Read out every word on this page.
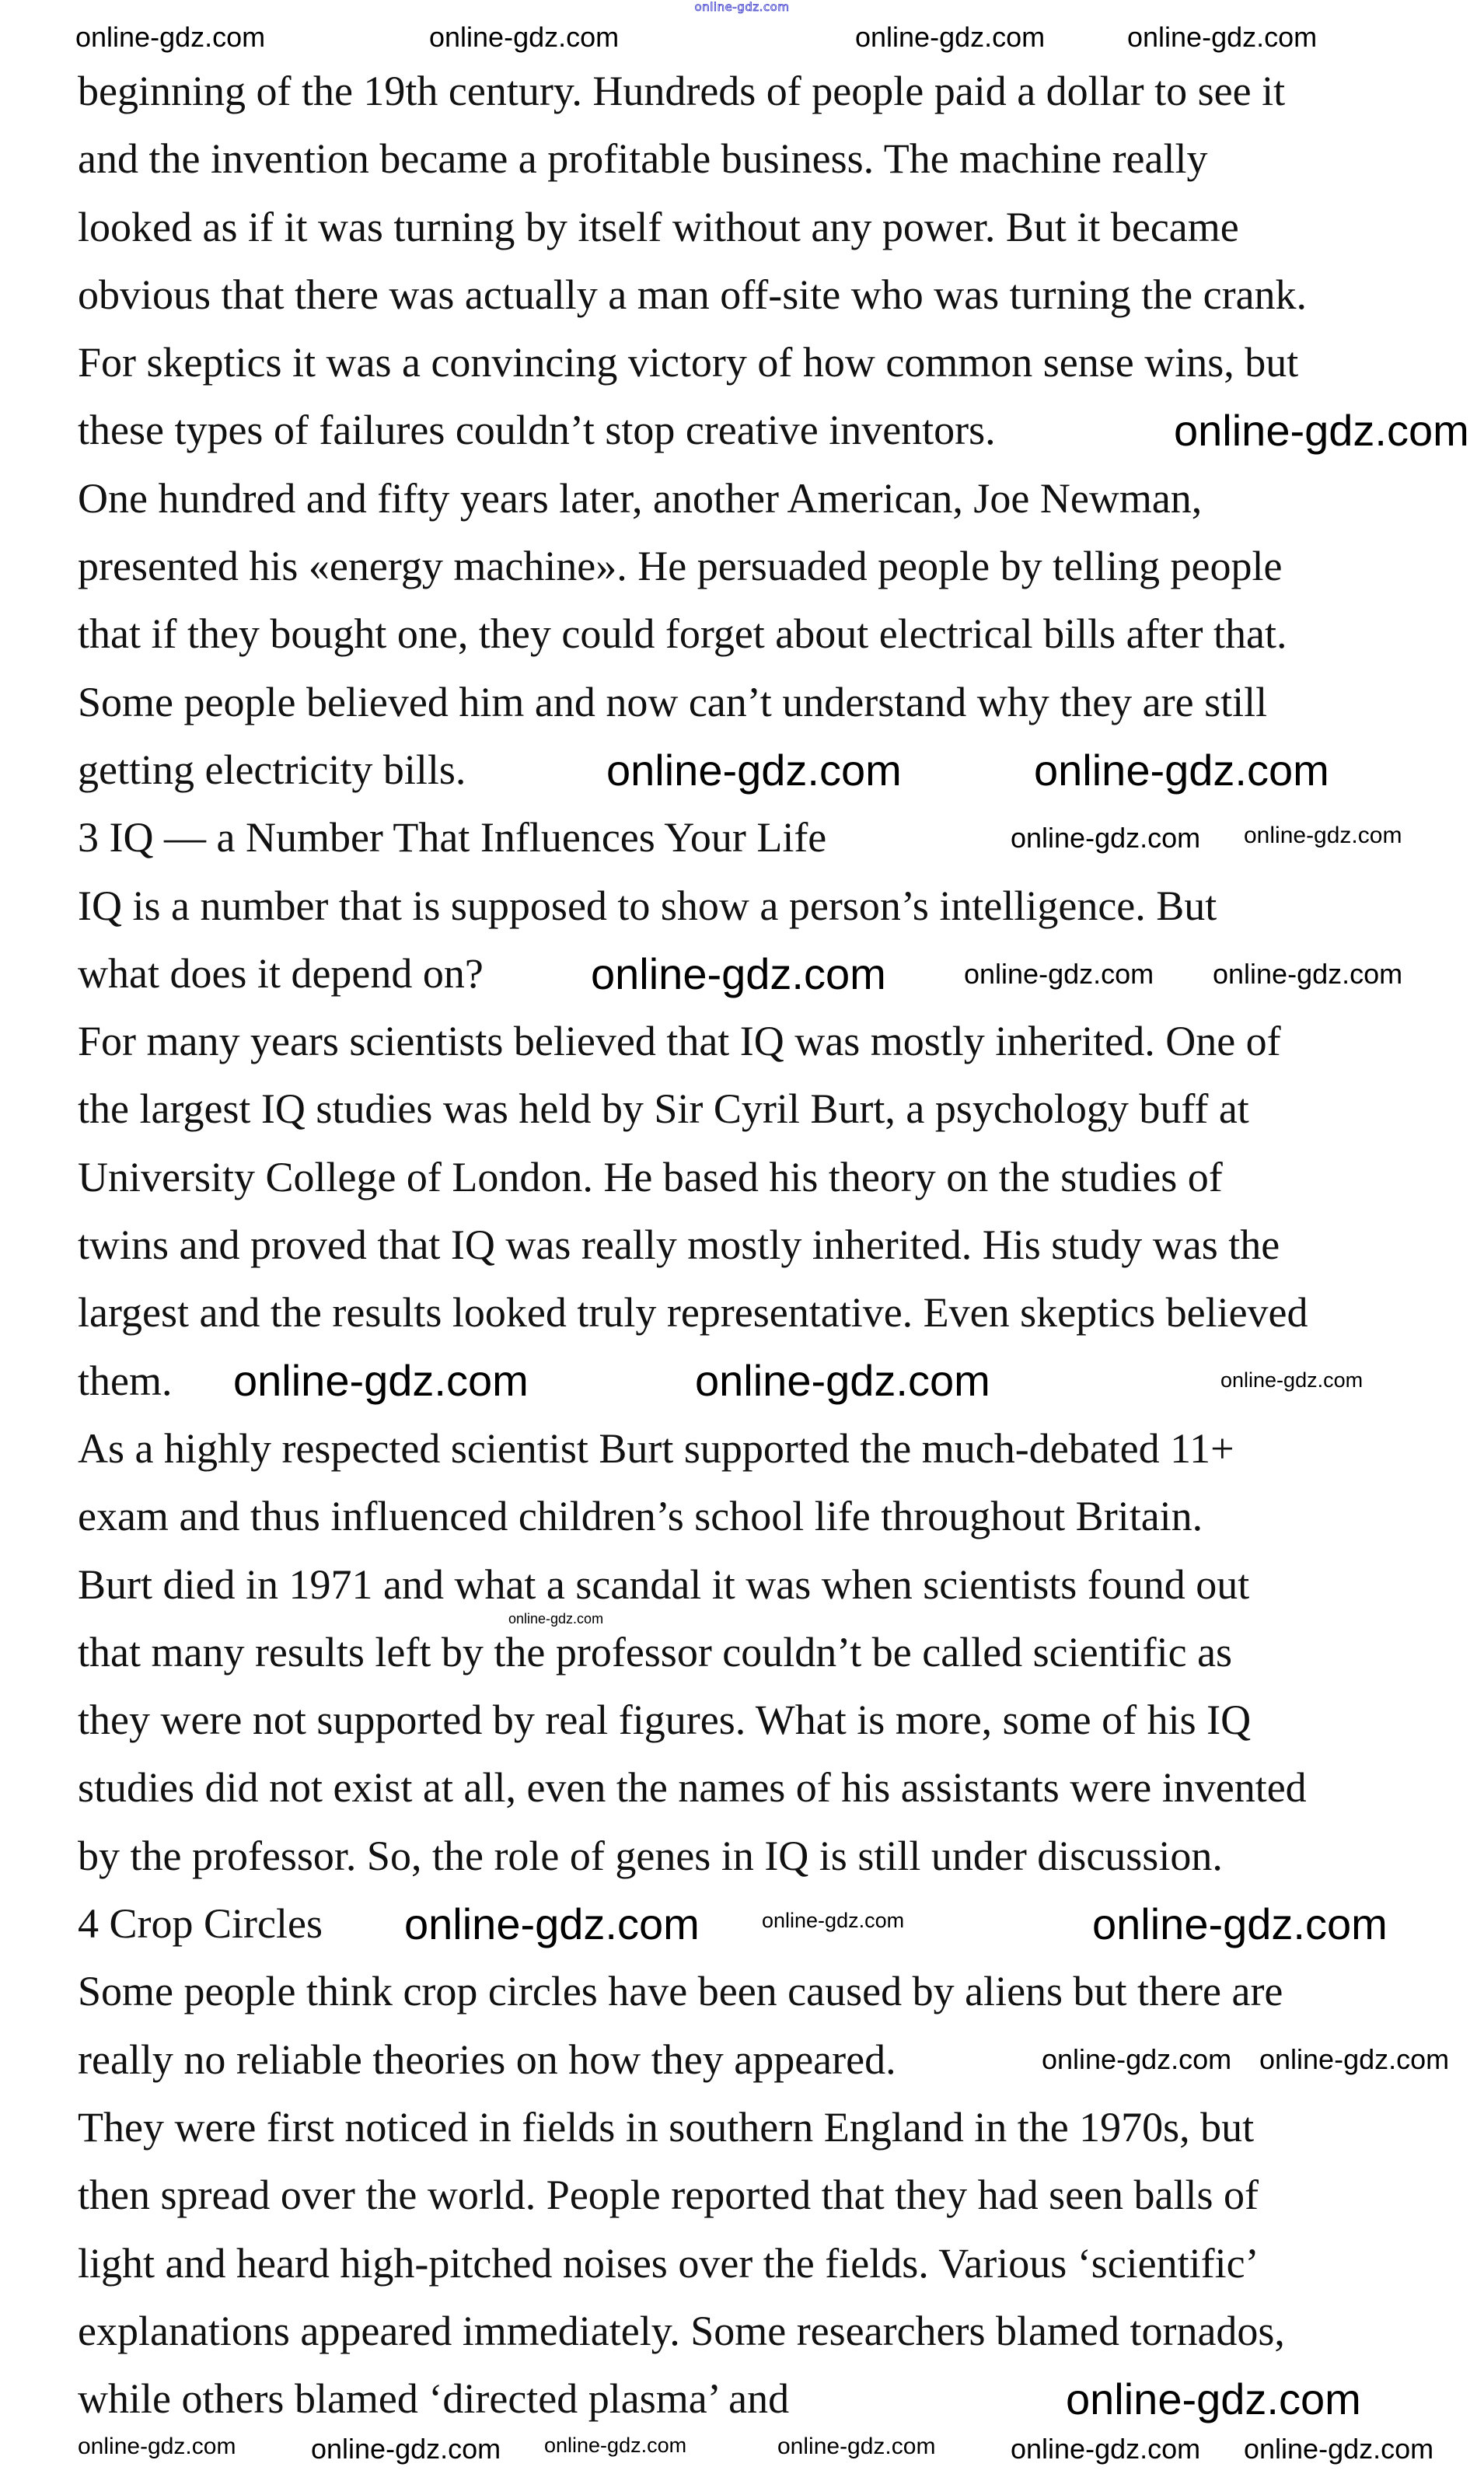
online-gdz.com
beginning of the 19th century. Hundreds of people paid a dollar to see it
and the invention became a profitable business. The machine really
looked as if it was turning by itself without any power. But it became
obvious that there was actually a man off-site who was turning the crank.
For skeptics it was a convincing victory of how common sense wins, but
these types of failures couldn’t stop creative inventors.
One hundred and fifty years later, another American, Joe Newman,
presented his «energy machine». He persuaded people by telling people
that if they bought one, they could forget about electrical bills after that.
Some people believed him and now can’t understand why they are still
getting electricity bills.
3 IQ — a Number That Influences Your Life
IQ is a number that is supposed to show a person’s intelligence. But
what does it depend on?
For many years scientists believed that IQ was mostly inherited. One of
the largest IQ studies was held by Sir Cyril Burt, a psychology buff at
University College of London. He based his theory on the studies of
twins and proved that IQ was really mostly inherited. His study was the
largest and the results looked truly representative. Even skeptics believed
them.
As a highly respected scientist Burt supported the much-debated 11+
exam and thus influenced children’s school life throughout Britain.
Burt died in 1971 and what a scandal it was when scientists found out
that many results left by the professor couldn’t be called scientific as
they were not supported by real figures. What is more, some of his IQ
studies did not exist at all, even the names of his assistants were invented
by the professor. So, the role of genes in IQ is still under discussion.
4 Crop Circles
Some people think crop circles have been caused by aliens but there are
really no reliable theories on how they appeared.
They were first noticed in fields in southern England in the 1970s, but
then spread over the world. People reported that they had seen balls of
light and heard high-pitched noises over the fields. Various ‘scientific’
explanations appeared immediately. Some researchers blamed tornados,
while others blamed ‘directed plasma’ and
online-gdz.com	online-gdz.com	online-gdz.com	online-gdz.com
online-gdz.com online-gdz.com
online-gdz.com online-gdz.com
online-gdz.com
online-gdz.com
online-gdz.com
online-gdz.com online-gdz.com
online-gdz.com	online-gdz.com online-gdz.com	online-gdz.com	online-gdz.com online-gdz.com
online-gdz.com
online-gdz.com	online-gdz.com
online-gdz.com
online-gdz.com	online-gdz.com
online-gdz.com	online-gdz.com
online-gdz.com
